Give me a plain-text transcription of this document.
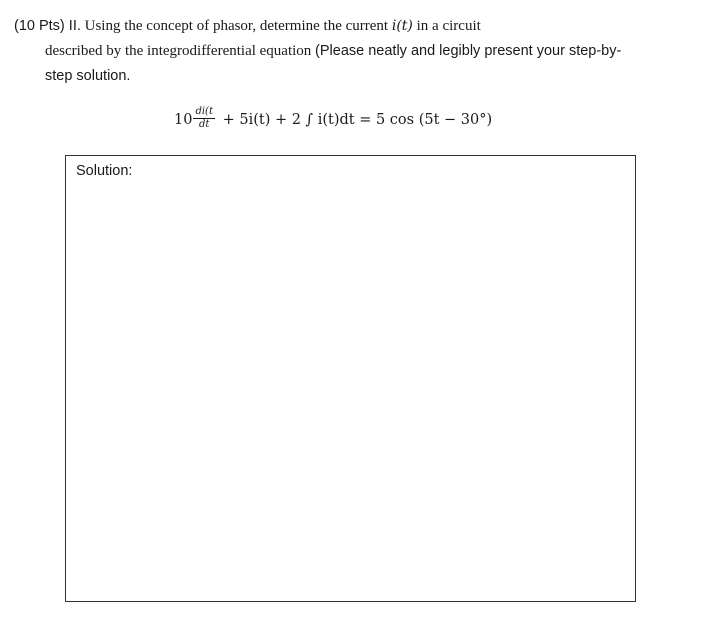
(10 Pts) II. Using the concept of phasor, determine the current i(t) in a circuit
described by the integrodifferential equation (Please neatly and legibly present your step-by-
step solution.
$10 \frac{di(t}{dt} + 5i(t) + 2$ ∫ i(t)dt = 5 cos (5t − 30°)
Solution:
